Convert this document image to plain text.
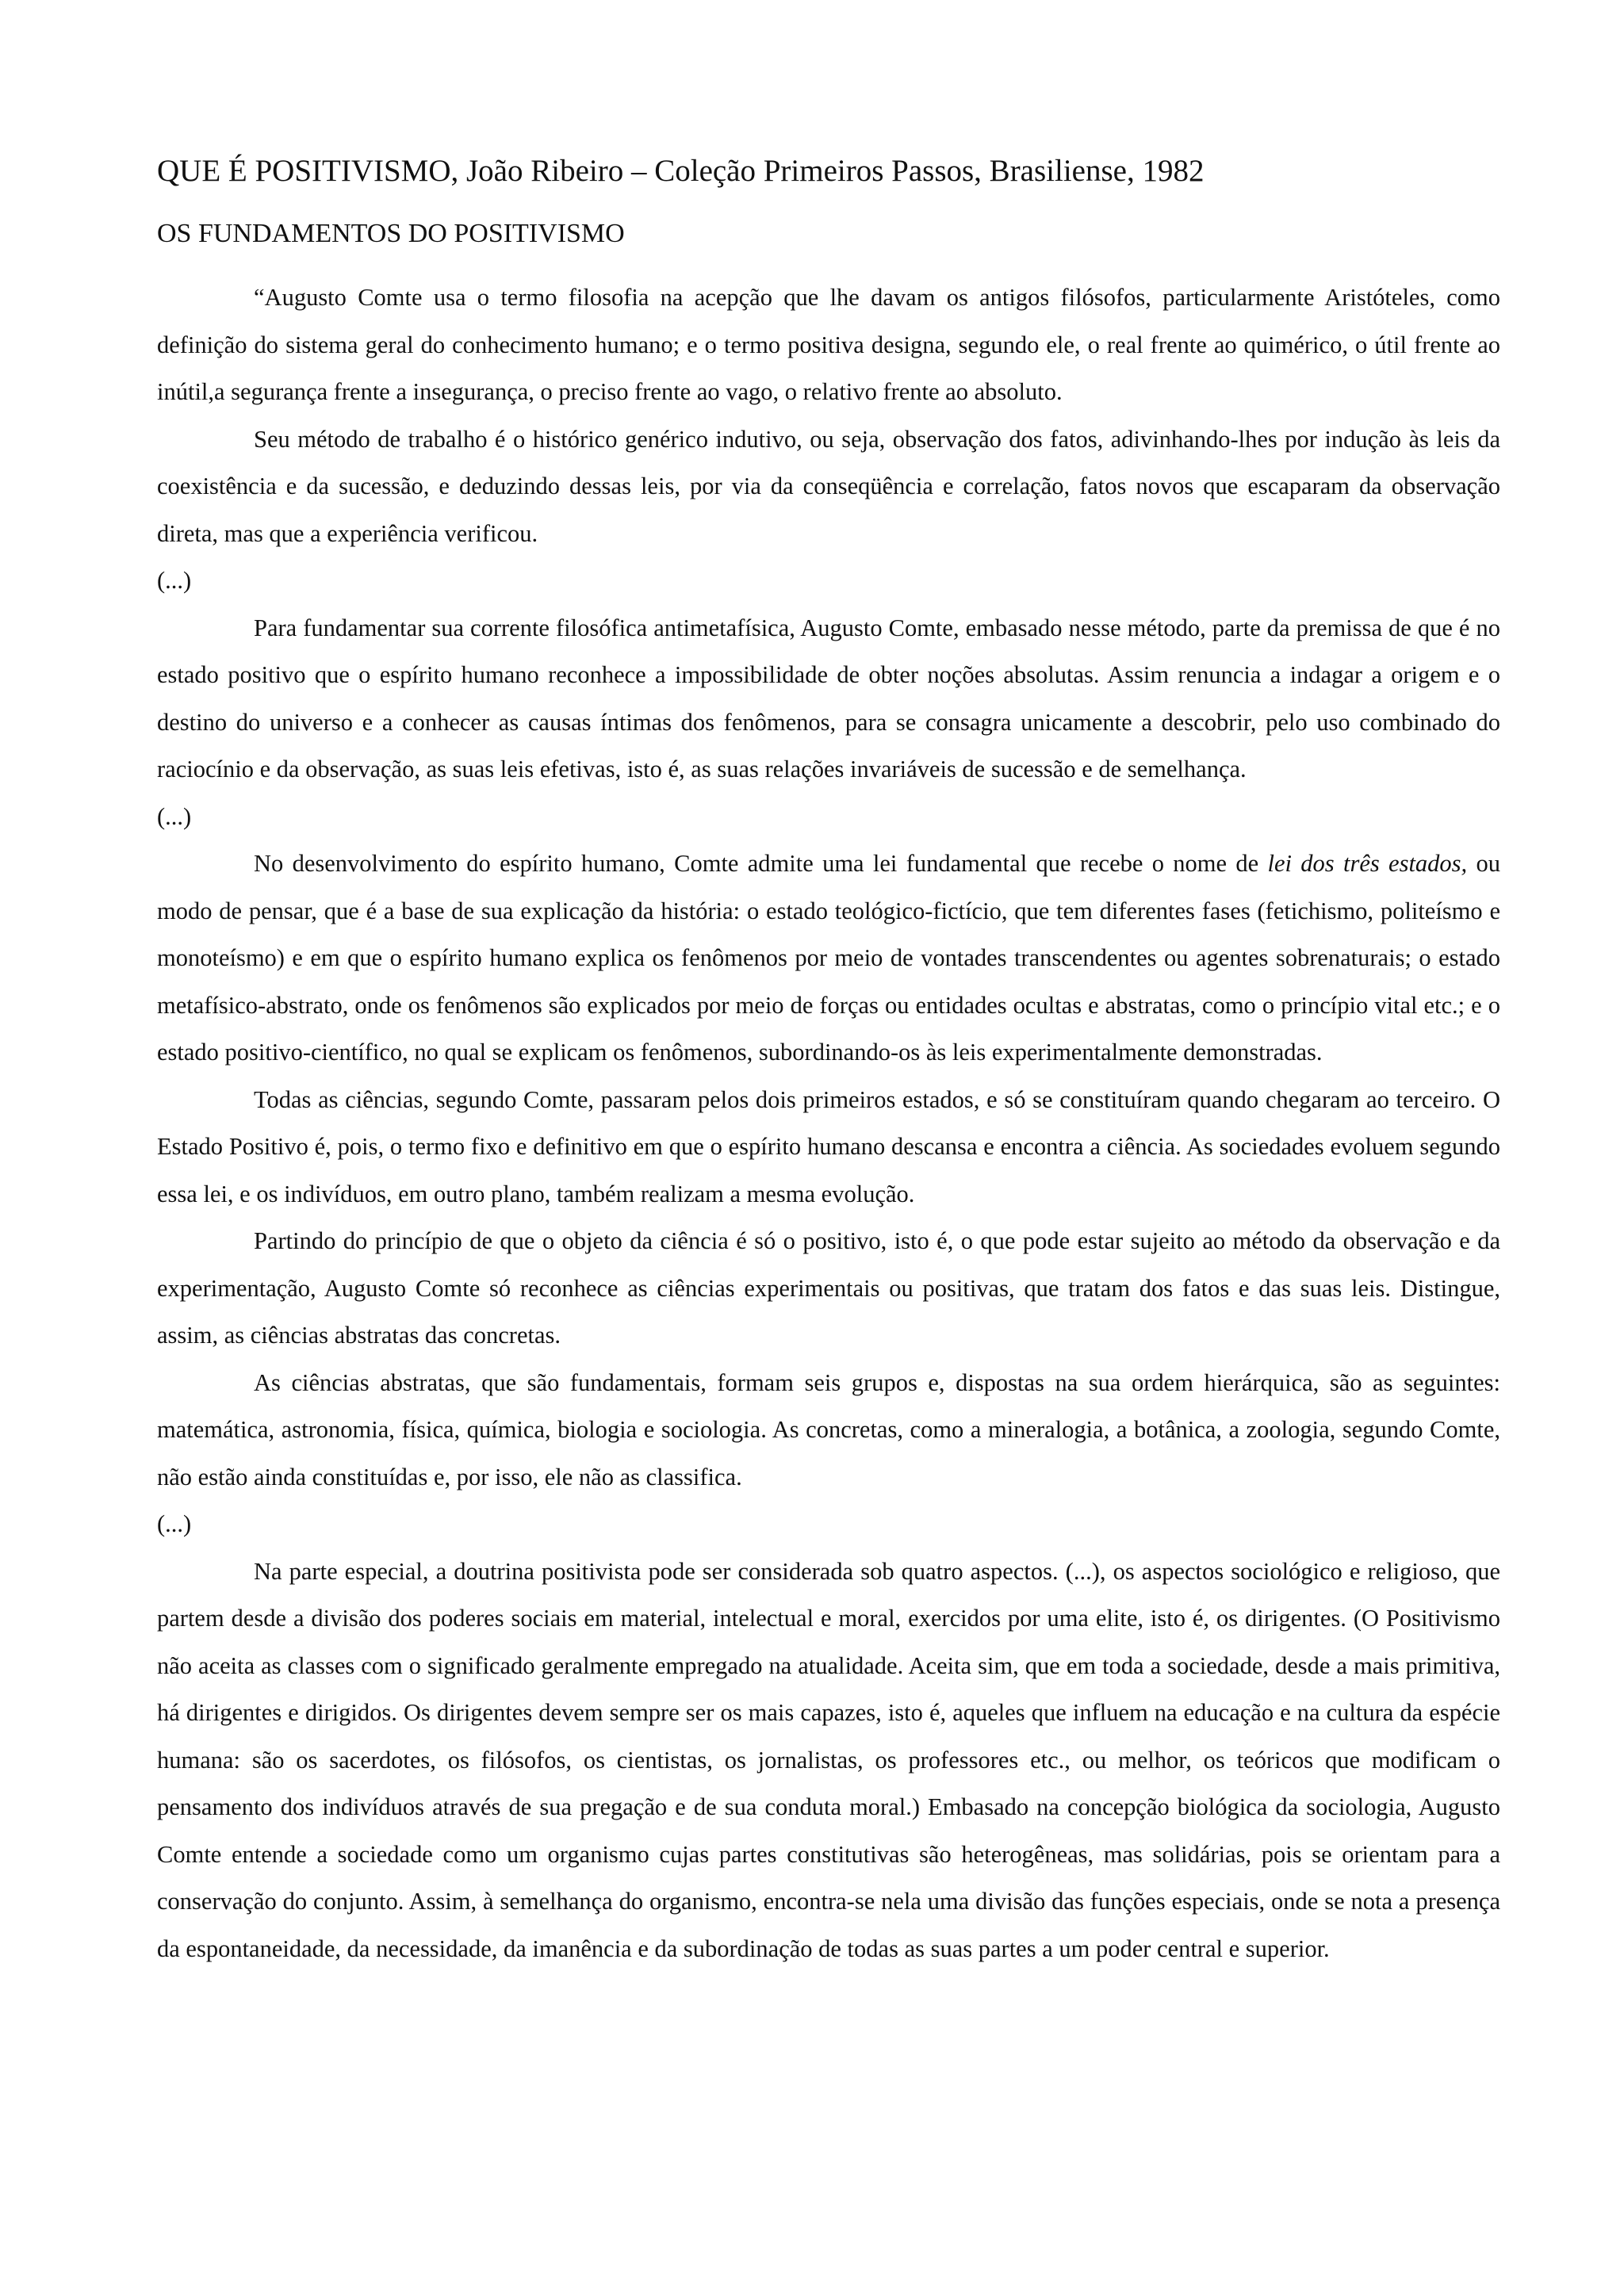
QUE É POSITIVISMO, João Ribeiro – Coleção Primeiros Passos, Brasiliense, 1982
OS FUNDAMENTOS DO POSITIVISMO

“Augusto Comte usa o termo filosofia na acepção que lhe davam os antigos filósofos, particularmente Aristóteles, como definição do sistema geral do conhecimento humano; e o termo positiva designa, segundo ele, o real frente ao quimérico, o útil frente ao inútil,a segurança frente a insegurança, o preciso frente ao vago, o relativo frente ao absoluto.

Seu método de trabalho é o histórico genérico indutivo, ou seja, observação dos fatos, adivinhando-lhes por indução às leis da coexistência e da sucessão, e deduzindo dessas leis, por via da conseqüência e correlação, fatos novos que escaparam da observação direta, mas que a experiência verificou.

(...)

Para fundamentar sua corrente filosófica antimetafísica, Augusto Comte, embasado nesse método, parte da premissa de que é no estado positivo que o espírito humano reconhece a impossibilidade de obter noções absolutas. Assim renuncia a indagar a origem e o destino do universo e a conhecer as causas íntimas dos fenômenos, para se consagra unicamente a descobrir, pelo uso combinado do raciocínio e da observação, as suas leis efetivas, isto é, as suas relações invariáveis de sucessão e de semelhança.

(...)

No desenvolvimento do espírito humano, Comte admite uma lei fundamental que recebe o nome de lei dos três estados, ou modo de pensar, que é a base de sua explicação da história: o estado teológico-fictício, que tem diferentes fases (fetichismo, politeísmo e monoteísmo) e em que o espírito humano explica os fenômenos por meio de vontades transcendentes ou agentes sobrenaturais; o estado metafísico-abstrato, onde os fenômenos são explicados por meio de forças ou entidades ocultas e abstratas, como o princípio vital etc.; e o estado positivo-científico, no qual se explicam os fenômenos, subordinando-os às leis experimentalmente demonstradas.

Todas as ciências, segundo Comte, passaram pelos dois primeiros estados, e só se constituíram quando chegaram ao terceiro. O Estado Positivo é, pois, o termo fixo e definitivo em que o espírito humano descansa e encontra a ciência. As sociedades evoluem segundo essa lei, e os indivíduos, em outro plano, também realizam a mesma evolução.

Partindo do princípio de que o objeto da ciência é só o positivo, isto é, o que pode estar sujeito ao método da observação e da experimentação, Augusto Comte só reconhece as ciências experimentais ou positivas, que tratam dos fatos e das suas leis. Distingue, assim, as ciências abstratas das concretas.

As ciências abstratas, que são fundamentais, formam seis grupos e, dispostas na sua ordem hierárquica, são as seguintes: matemática, astronomia, física, química, biologia e sociologia. As concretas, como a mineralogia, a botânica, a zoologia, segundo Comte, não estão ainda constituídas e, por isso, ele não as classifica.

(...)

Na parte especial, a doutrina positivista pode ser considerada sob quatro aspectos. (...), os aspectos sociológico e religioso, que partem desde a divisão dos poderes sociais em material, intelectual e moral, exercidos por uma elite, isto é, os dirigentes. (O Positivismo não aceita as classes com o significado geralmente empregado na atualidade. Aceita sim, que em toda a sociedade, desde a mais primitiva, há dirigentes e dirigidos. Os dirigentes devem sempre ser os mais capazes, isto é, aqueles que influem na educação e na cultura da espécie humana: são os sacerdotes, os filósofos, os cientistas, os jornalistas, os professores etc., ou melhor, os teóricos que modificam o pensamento dos indivíduos através de sua pregação e de sua conduta moral.) Embasado na concepção biológica da sociologia, Augusto Comte entende a sociedade como um organismo cujas partes constitutivas são heterogêneas, mas solidárias, pois se orientam para a conservação do conjunto. Assim, à semelhança do organismo, encontra-se nela uma divisão das funções especiais, onde se nota a presença da espontaneidade, da necessidade, da imanência e da subordinação de todas as suas partes a um poder central e superior.
